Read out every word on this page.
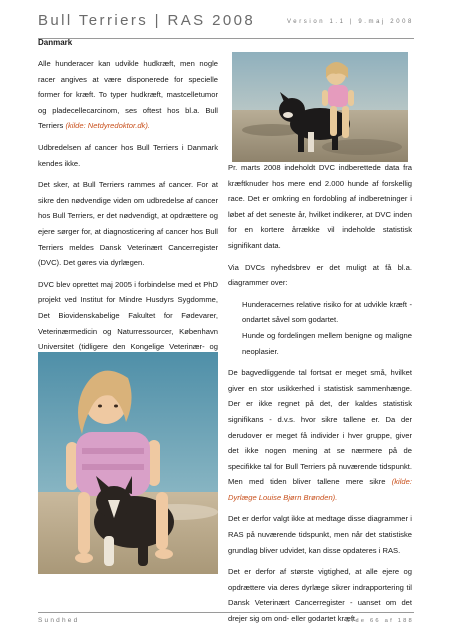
Bull Terriers | RAS 2008	Version 1.1 | 9.maj 2008

Danmark

Alle hunderacer kan udvikle hudkræft, men nogle racer angives at være disponerede for specielle former for kræft. To typer hudkræft, mastcelletumor og pladecellecarcinom, ses oftest hos bl.a. Bull Terriers (kilde: Netdyredoktor.dk).

Udbredelsen af cancer hos Bull Terriers i Danmark kendes ikke.

Det sker, at Bull Terriers rammes af cancer. For at sikre den nødvendige viden om udbredelse af cancer hos Bull Terriers, er det nødvendigt, at opdrættere og ejere sørger for, at diagnosticering af cancer hos Bull Terriers meldes Dansk Veterinært Cancerregister (DVC). Det gøres via dyrlægen.

DVC blev oprettet maj 2005 i forbindelse med et PhD projekt ved Institut for Mindre Husdyrs Sygdomme, Det Biovidenskabelige Fakultet for Fødevarer, Veterinærmedicin og Naturressourcer, København Universitet (tidligere den Kongelige Veterinær- og

Pr. marts 2008 indeholdt DVC indberettede data fra kræftknuder hos mere end 2.000 hunde af forskellig race. Det er omkring en fordobling af indberetninger i løbet af det seneste år, hvilket indikerer, at DVC inden for en kortere årrække vil indeholde statistisk signifikant data.

Via DVCs nyhedsbrev er det muligt at få bl.a. diagrammer over:

Hunderacernes relative risiko for at udvikle kræft - ondartet såvel som godartet.

Hunde og fordelingen mellem benigne og maligne neoplasier.

De bagvedliggende tal fortsat er meget små, hvilket giver en stor usikkerhed i statistisk sammenhænge. Der er ikke regnet på det, der kaldes statistisk signifikans - d.v.s. hvor sikre tallene er. Da der derudover er meget få individer i hver gruppe, giver det ikke nogen mening at se nærmere på de specifikke tal for Bull Terriers på nuværende tidspunkt. Men med tiden bliver tallene mere sikre (kilde: Dyrlæge Louise Bjørn Brønden).

Det er derfor valgt ikke at medtage disse diagrammer i RAS på nuværende tidspunkt, men når det statistiske grundlag bliver udvidet, kan disse opdateres i RAS.

Det er derfor af største vigtighed, at alle ejere og opdrættere via deres dyrlæge sikrer indrapportering til Dansk Veterinært Cancerregister - uanset om det drejer sig om ond- eller godartet kræft.

Sundhed	Side 66 af 188
